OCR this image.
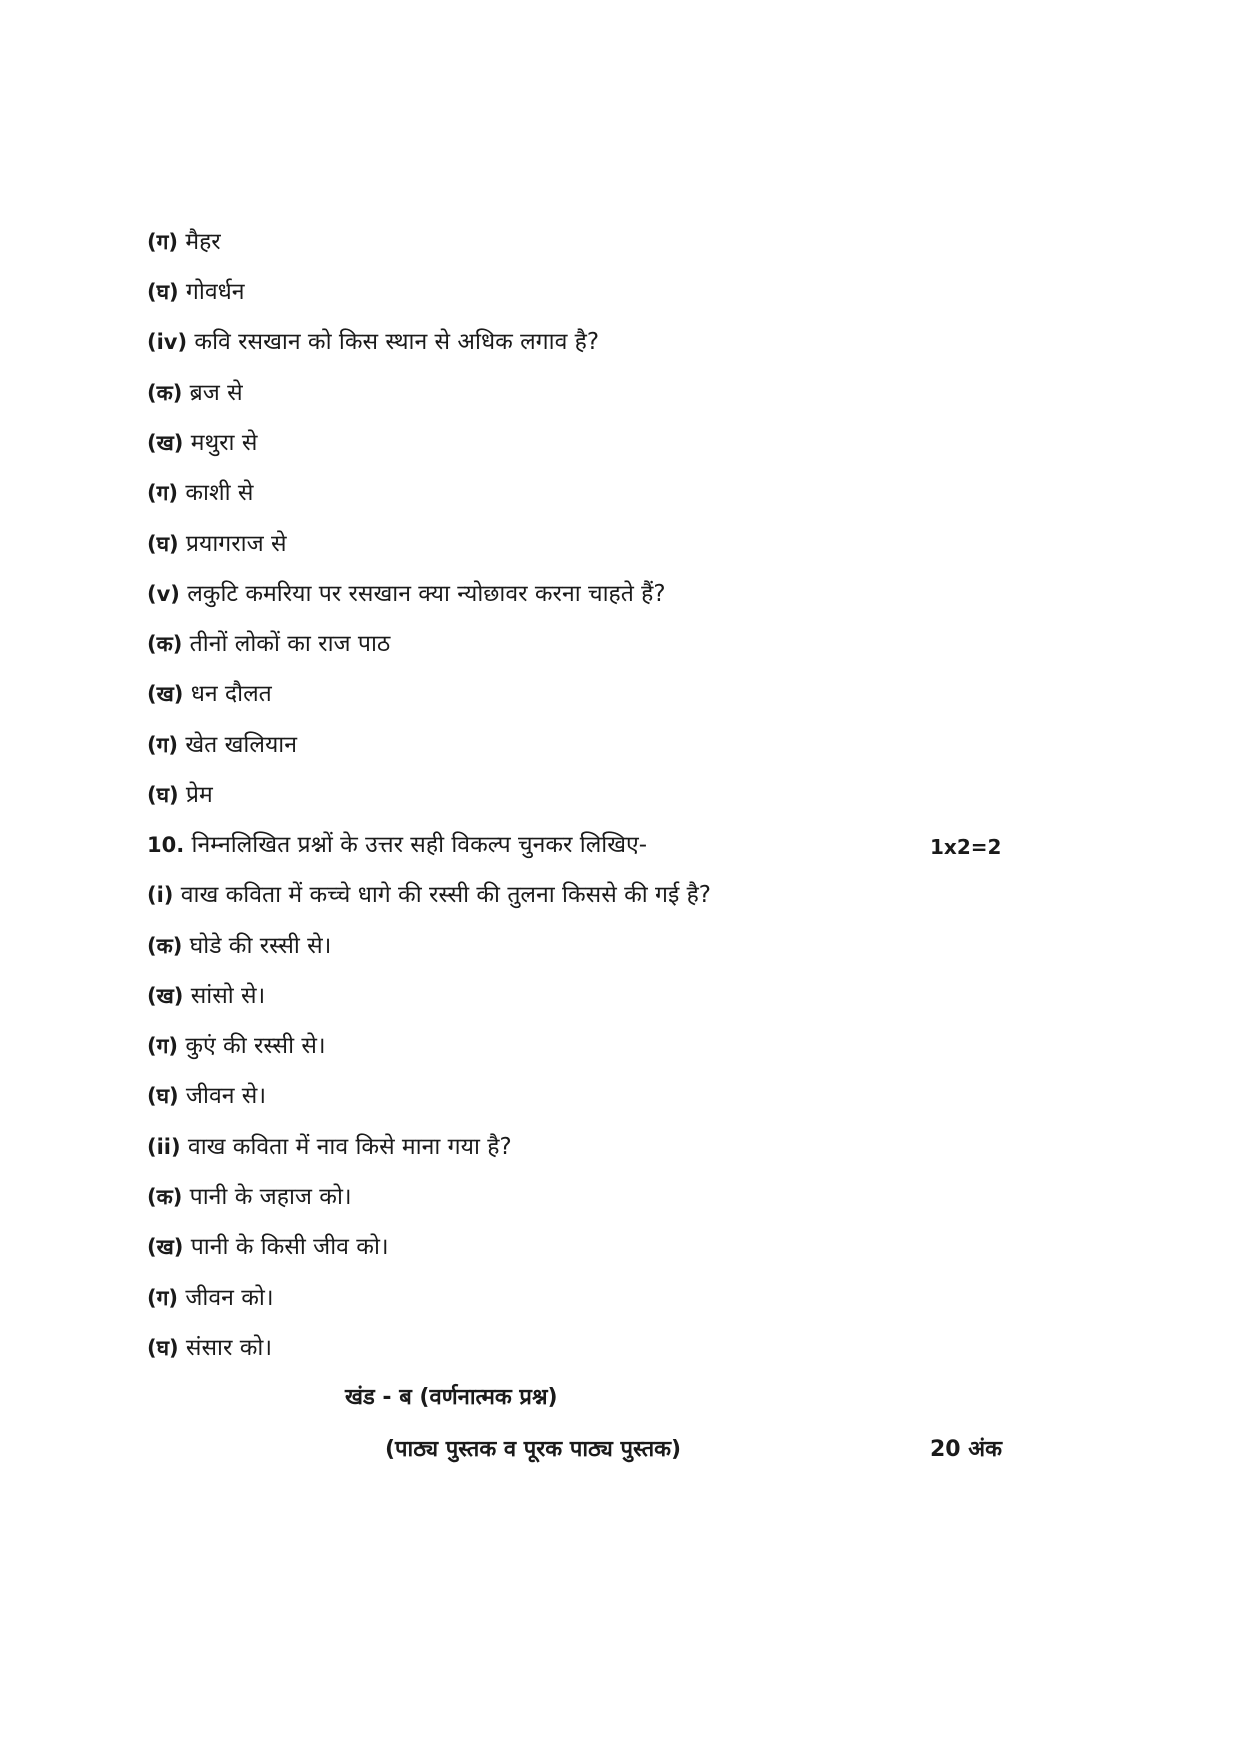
(ग) मैहर
(घ) गोवर्धन
(iv) कवि रसखान को किस स्थान से अधिक लगाव है?
(क) ब्रज से
(ख) मथुरा से
(ग) काशी से
(घ) प्रयागराज से
(v) लकुटि कमरिया पर रसखान क्या न्योछावर करना चाहते हैं?
(क) तीनों लोकों का राज पाठ
(ख) धन दौलत
(ग) खेत खलियान
(घ) प्रेम
10. निम्नलिखित प्रश्नों के उत्तर सही विकल्प चुनकर लिखिए-	1x2=2
(i) वाख कविता में कच्चे धागे की रस्सी की तुलना किससे की गई है?
(क) घोडे की रस्सी से।
(ख) सांसो से।
(ग) कुएं की रस्सी से।
(घ) जीवन से।
(ii) वाख कविता में नाव किसे माना गया है?
(क) पानी के जहाज को।
(ख) पानी के किसी जीव को।
(ग) जीवन को।
(घ) संसार को।
खंड - ब (वर्णनात्मक प्रश्न)
(पाठ्य पुस्तक व पूरक पाठ्य पुस्तक)	20 अंक
